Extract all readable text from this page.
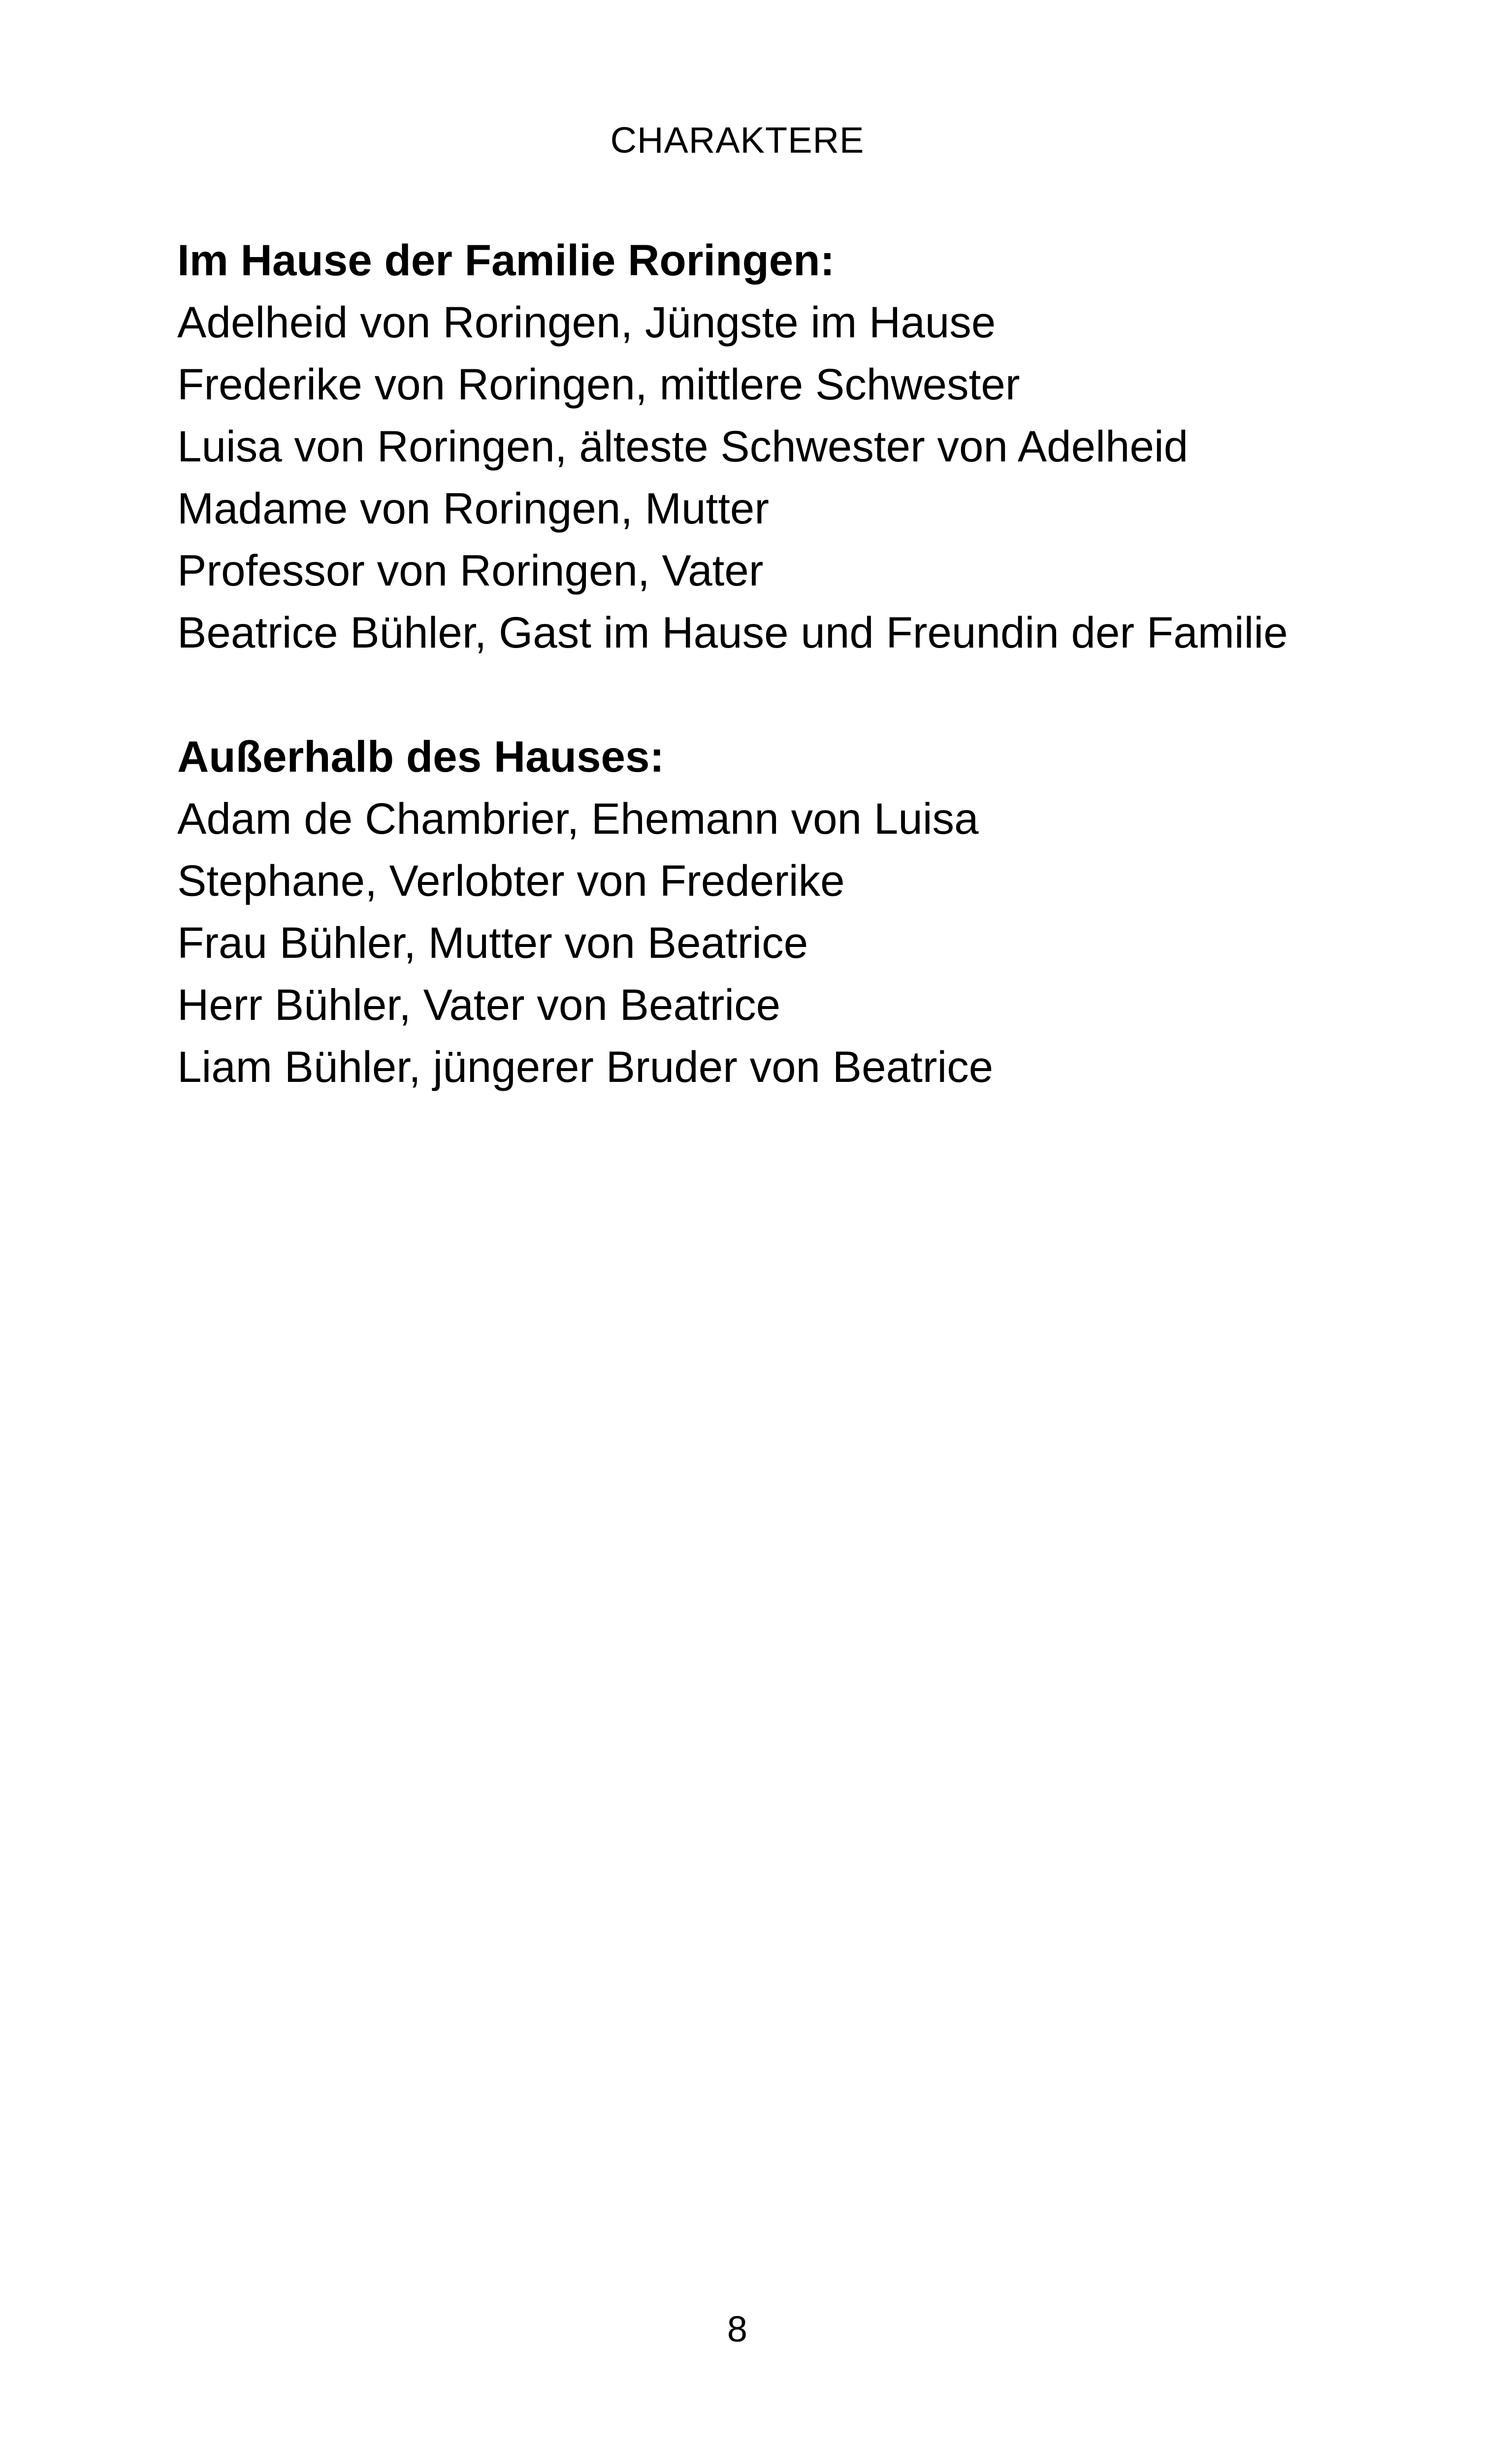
CHARAKTERE
Im Hause der Familie Roringen:
Adelheid von Roringen, Jüngste im Hause
Frederike von Roringen, mittlere Schwester
Luisa von Roringen, älteste Schwester von Adelheid
Madame von Roringen, Mutter
Professor von Roringen, Vater
Beatrice Bühler, Gast im Hause und Freundin der Familie
Außerhalb des Hauses:
Adam de Chambrier, Ehemann von Luisa
Stephane, Verlobter von Frederike
Frau Bühler, Mutter von Beatrice
Herr Bühler, Vater von Beatrice
Liam Bühler, jüngerer Bruder von Beatrice
8
